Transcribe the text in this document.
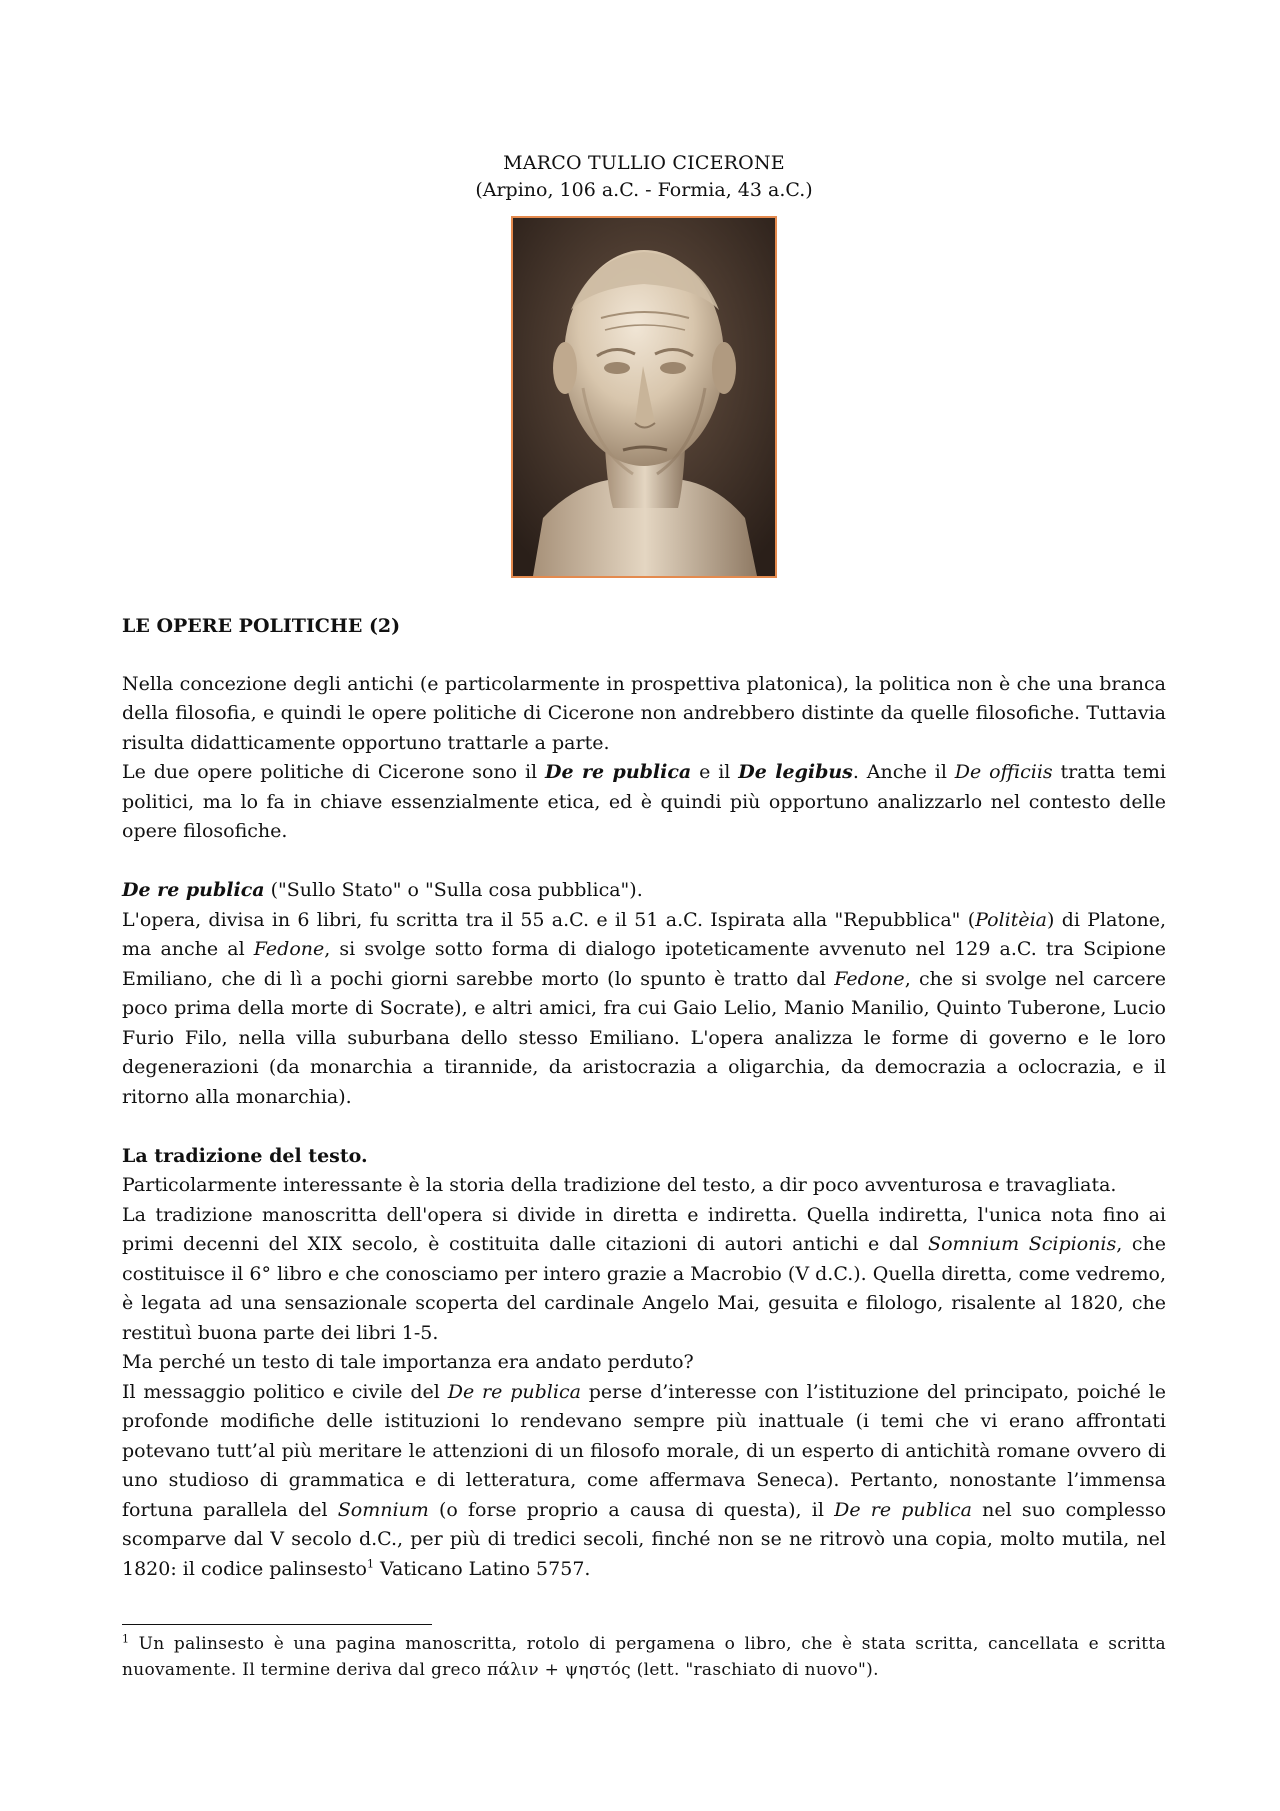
MARCO TULLIO CICERONE
(Arpino, 106 a.C. - Formia, 43 a.C.)
LE OPERE POLITICHE (2)

Nella concezione degli antichi (e particolarmente in prospettiva platonica), la politica non è che una branca della filosofia, e quindi le opere politiche di Cicerone non andrebbero distinte da quelle filosofiche. Tuttavia risulta didatticamente opportuno trattarle a parte.

Le due opere politiche di Cicerone sono il De re publica e il De legibus. Anche il De officiis tratta temi politici, ma lo fa in chiave essenzialmente etica, ed è quindi più opportuno analizzarlo nel contesto delle opere filosofiche.

De re publica ("Sullo Stato" o "Sulla cosa pubblica").

L'opera, divisa in 6 libri, fu scritta tra il 55 a.C. e il 51 a.C. Ispirata alla "Repubblica" (Politèia) di Platone, ma anche al Fedone, si svolge sotto forma di dialogo ipoteticamente avvenuto nel 129 a.C. tra Scipione Emiliano, che di lì a pochi giorni sarebbe morto (lo spunto è tratto dal Fedone, che si svolge nel carcere poco prima della morte di Socrate), e altri amici, fra cui Gaio Lelio, Manio Manilio, Quinto Tuberone, Lucio Furio Filo, nella villa suburbana dello stesso Emiliano. L'opera analizza le forme di governo e le loro degenerazioni (da monarchia a tirannide, da aristocrazia a oligarchia, da democrazia a oclocrazia, e il ritorno alla monarchia).

La tradizione del testo.

Particolarmente interessante è la storia della tradizione del testo, a dir poco avventurosa e travagliata.

La tradizione manoscritta dell'opera si divide in diretta e indiretta. Quella indiretta, l'unica nota fino ai primi decenni del XIX secolo, è costituita dalle citazioni di autori antichi e dal Somnium Scipionis, che costituisce il 6° libro e che conosciamo per intero grazie a Macrobio (V d.C.). Quella diretta, come vedremo, è legata ad una sensazionale scoperta del cardinale Angelo Mai, gesuita e filologo, risalente al 1820, che restituì buona parte dei libri 1-5.

Ma perché un testo di tale importanza era andato perduto?

Il messaggio politico e civile del De re publica perse d’interesse con l’istituzione del principato, poiché le profonde modifiche delle istituzioni lo rendevano sempre più inattuale (i temi che vi erano affrontati potevano tutt’al più meritare le attenzioni di un filosofo morale, di un esperto di antichità romane ovvero di uno studioso di grammatica e di letteratura, come affermava Seneca). Pertanto, nonostante l’immensa fortuna parallela del Somnium (o forse proprio a causa di questa), il De re publica nel suo complesso scomparve dal V secolo d.C., per più di tredici secoli, finché non se ne ritrovò una copia, molto mutila, nel 1820: il codice palinsesto$^1$ Vaticano Latino 5757.

$^1$ Un palinsesto è una pagina manoscritta, rotolo di pergamena o libro, che è stata scritta, cancellata e scritta nuovamente. Il termine deriva dal greco πάλιν + ψηστός (lett. "raschiato di nuovo").
